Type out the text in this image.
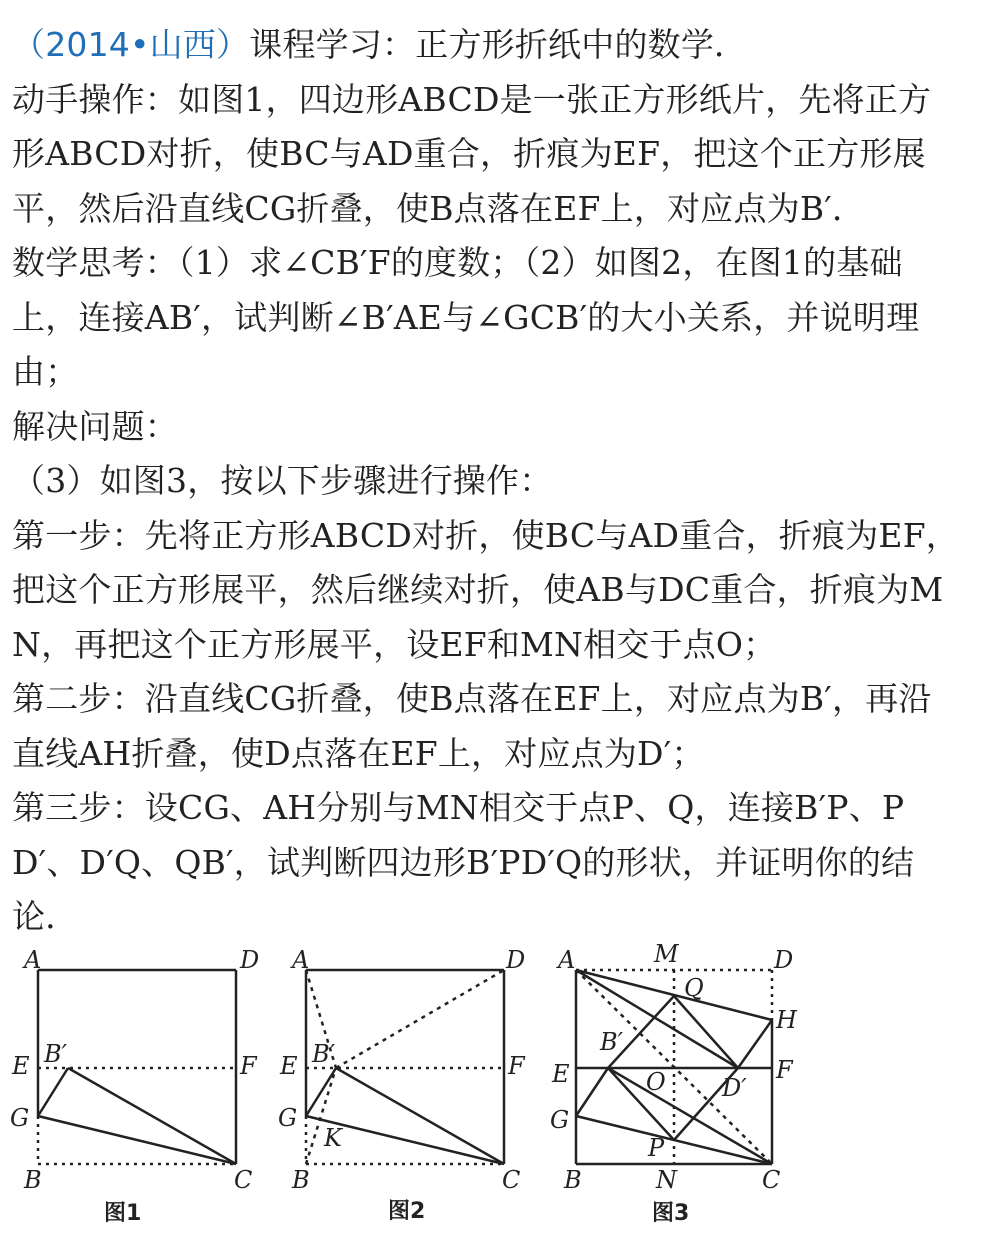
（2014•山西）课程学习：正方形折纸中的数学．
动手操作：如图1，四边形ABCD是一张正方形纸片，先将正方
形ABCD对折，使BC与AD重合，折痕为EF，把这个正方形展
平，然后沿直线CG折叠，使B点落在EF上，对应点为B′．
数学思考：（1）求∠CB′F的度数；（2）如图2，在图1的基础
上，连接AB′，试判断∠B′AE与∠GCB′的大小关系，并说明理
由；
解决问题：
（3）如图3，按以下步骤进行操作：
第一步：先将正方形ABCD对折，使BC与AD重合，折痕为EF，
把这个正方形展平，然后继续对折，使AB与DC重合，折痕为M
N，再把这个正方形展平，设EF和MN相交于点O；
第二步：沿直线CG折叠，使B点落在EF上，对应点为B′，再沿
直线AH折叠，使D点落在EF上，对应点为D′；
第三步：设CG、AH分别与MN相交于点P、Q，连接B′P、P
D′、D′Q、QB′，试判断四边形B′PD′Q的形状，并证明你的结
论．
A	D
E	F
B′
G
B	C
图1
A	D
E	F
B′
G
K
B	C
图2
A	M	D
Q
H
B′
E	O D′
F
G
P
B	N	C
图3
